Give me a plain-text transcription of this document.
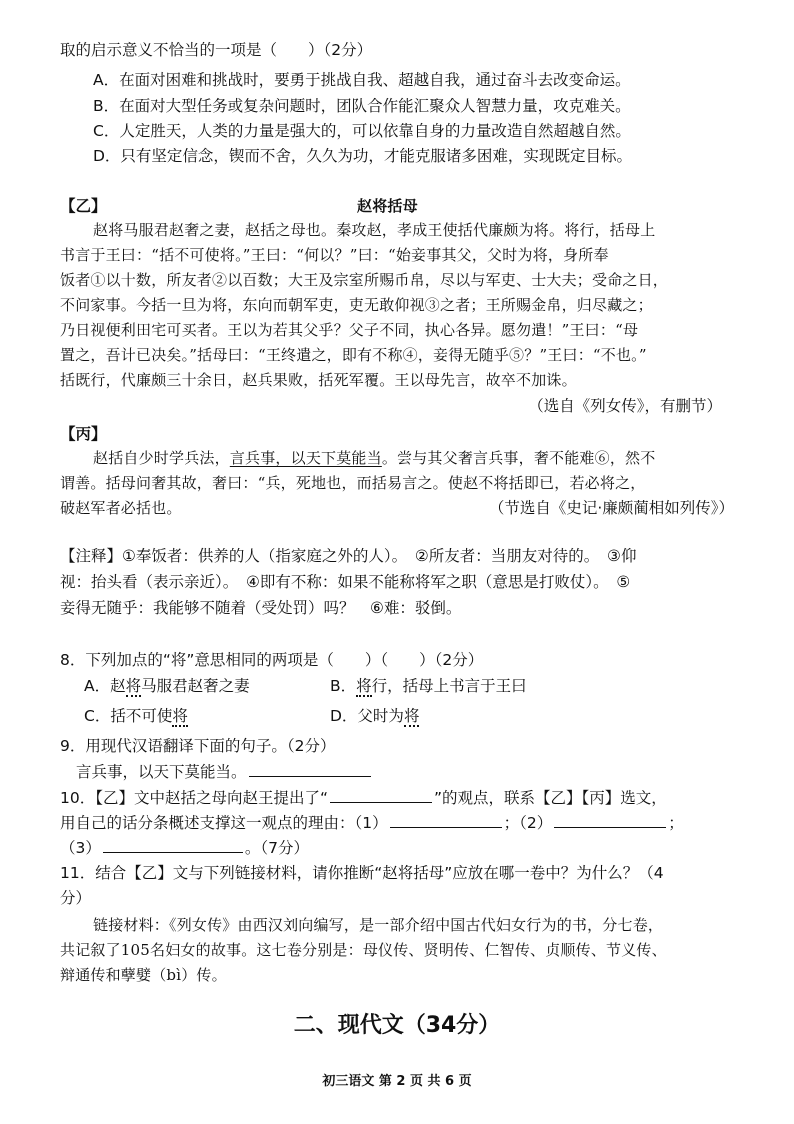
取的启示意义不恰当的一项是（　　）（2分）
A．在面对困难和挑战时，要勇于挑战自我、超越自我，通过奋斗去改变命运。
B．在面对大型任务或复杂问题时，团队合作能汇聚众人智慧力量，攻克难关。
C．人定胜天，人类的力量是强大的，可以依靠自身的力量改造自然超越自然。
D．只有坚定信念，锲而不舍，久久为功，才能克服诸多困难，实现既定目标。
【乙】	赵将括母
赵将马服君赵奢之妻，赵括之母也。秦攻赵，孝成王使括代廉颇为将。将行，括母上
书言于王曰：“括不可使将。”王曰：“何以？”曰：“始妾事其父，父时为将，身所奉
饭者①以十数，所友者②以百数；大王及宗室所赐币帛，尽以与军吏、士大夫；受命之日，
不问家事。今括一旦为将，东向而朝军吏，吏无敢仰视③之者；王所赐金帛，归尽藏之；
乃日视便利田宅可买者。王以为若其父乎？父子不同，执心各异。愿勿遣！”王曰：“母
置之，吾计已决矣。”括母曰：“王终遣之，即有不称④，妾得无随乎⑤？”王曰：“不也。”
括既行，代廉颇三十余日，赵兵果败，括死军覆。王以母先言，故卒不加诛。
（选自《列女传》，有删节）
【丙】
赵括自少时学兵法，言兵事，以天下莫能当。尝与其父奢言兵事，奢不能难⑥，然不
谓善。括母问奢其故，奢曰：“兵，死地也，而括易言之。使赵不将括即已，若必将之，
破赵军者必括也。	（节选自《史记·廉颇蔺相如列传》）
【注释】①奉饭者：供养的人（指家庭之外的人）。　②所友者：当朋友对待的。　③仰
视：抬头看（表示亲近）。　④即有不称：如果不能称将军之职（意思是打败仗）。　⑤
妾得无随乎：我能够不随着（受处罚）吗？　⑥难：驳倒。
8．下列加点的“将”意思相同的两项是（　　）（　　）（2分）
A．赵将马服君赵奢之妻	B．将行，括母上书言于王曰
C．括不可使将	D．父时为将
9．用现代汉语翻译下面的句子。（2分）
言兵事，以天下莫能当。
10．【乙】文中赵括之母向赵王提出了“	”的观点，联系【乙】【丙】选文，
用自己的话分条概述支撑这一观点的理由：（1）	；（2）	；
（3）	。（7分）
11．结合【乙】文与下列链接材料，请你推断“赵将括母”应放在哪一卷中？为什么？（4
分）
链接材料：《列女传》由西汉刘向编写，是一部介绍中国古代妇女行为的书，分七卷，
共记叙了105名妇女的故事。这七卷分别是：母仪传、贤明传、仁智传、贞顺传、节义传、
辩通传和孽嬖（bì）传。
二、现代文（34分）
初三语文 第 2 页 共 6 页
